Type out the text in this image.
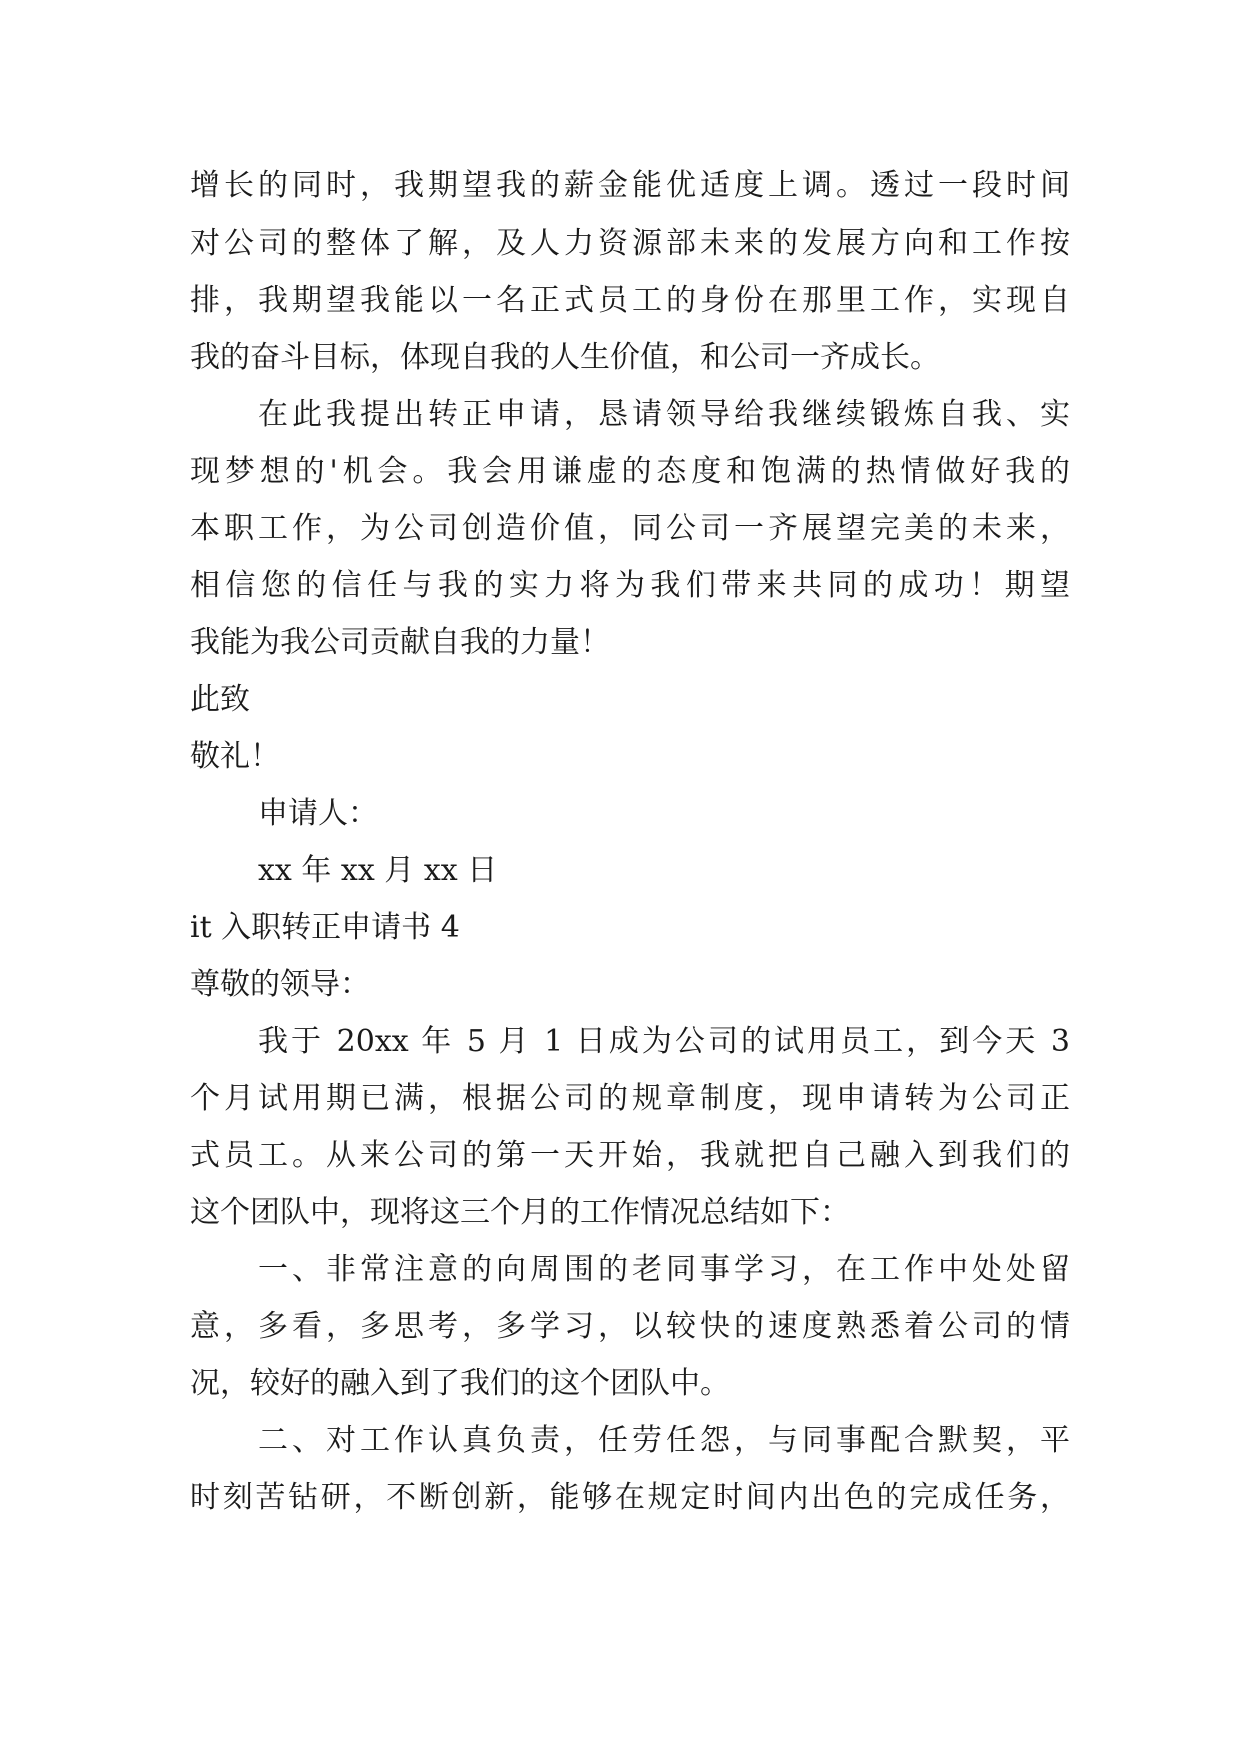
增长的同时，我期望我的薪金能优适度上调。透过一段时间
对公司的整体了解，及人力资源部未来的发展方向和工作按
排，我期望我能以一名正式员工的身份在那里工作，实现自
我的奋斗目标，体现自我的人生价值，和公司一齐成长。
在此我提出转正申请，恳请领导给我继续锻炼自我、实
现梦想的'机会。我会用谦虚的态度和饱满的热情做好我的
本职工作，为公司创造价值，同公司一齐展望完美的未来，
相信您的信任与我的实力将为我们带来共同的成功！期望
我能为我公司贡献自我的力量！
此致
敬礼！
申请人：
xx 年 xx 月 xx 日
it 入职转正申请书 4
尊敬的领导：
我于 20xx 年 5 月 1 日成为公司的试用员工，到今天 3
个月试用期已满，根据公司的规章制度，现申请转为公司正
式员工。从来公司的第一天开始，我就把自己融入到我们的
这个团队中，现将这三个月的工作情况总结如下：
一、非常注意的向周围的老同事学习，在工作中处处留
意，多看，多思考，多学习，以较快的速度熟悉着公司的情
况，较好的融入到了我们的这个团队中。
二、对工作认真负责，任劳任怨，与同事配合默契，平
时刻苦钻研，不断创新，能够在规定时间内出色的完成任务，
